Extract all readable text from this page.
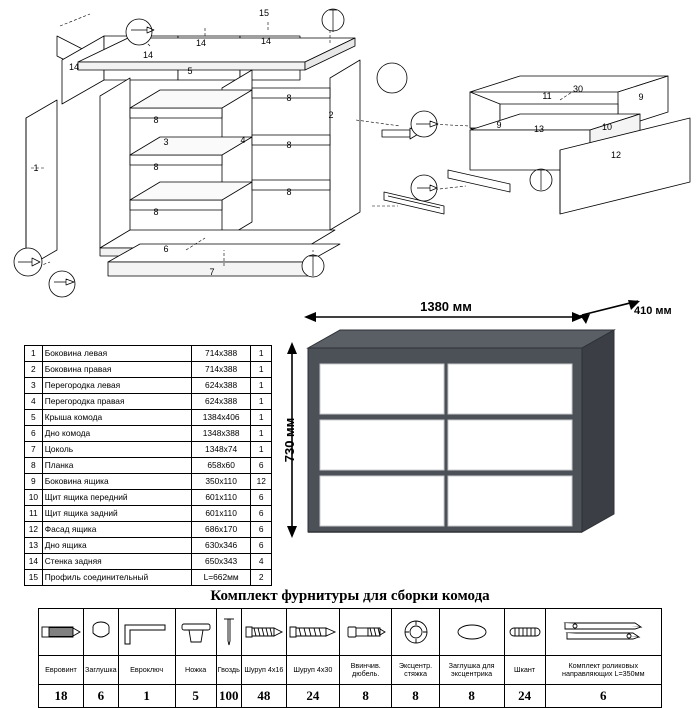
1
2
3	4
5
6
7
8
8
8
8
8
8
9
9
10
11
12
13
14
14
14	14
15
30
1	Боковина левая	714х388	1
2	Боковина правая	714х388	1
3	Перегородка левая	624х388	1
4	Перегородка правая	624х388	1
5	Крыша комода	1384х406	1
6	Дно комода	1348х388	1
7	Цоколь	1348х74	1
8	Планка	658х60	6
9	Боковина ящика	350х110	12
10	Щит ящика передний	601х110	6
11	Щит ящика задний	601х110	6
12	Фасад ящика	686х170	6
13	Дно ящика	630х346	6
14	Стенка задняя	650х343	4
15	Профиль соединительный	L=662мм	2
1380 мм	410 мм
730 мм
Комплект фурнитуры для сборки комода

Евровинт	Заглушка	Евроключ	Ножка	Гвоздь	Шуруп 4х16	Шуруп 4х30	Ввинчив. дюбель.	Эксцентр. стяжка	Заглушка для эксцентрика	Шкант	Комплект роликовых направляющих L=350мм
18	6	1	5	100	48	24	8	8	8	24	6
